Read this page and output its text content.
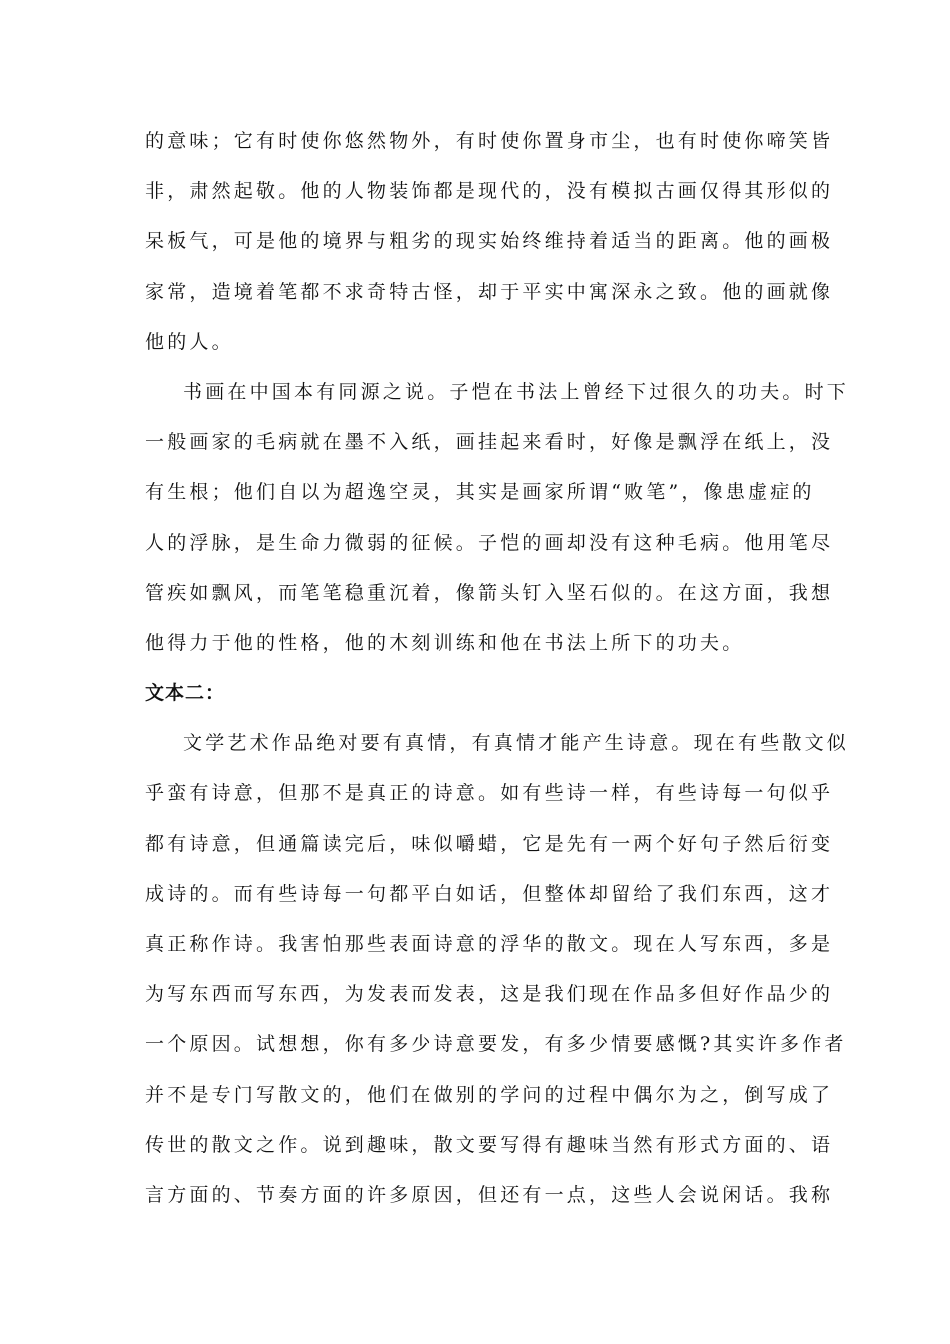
的意味；它有时使你悠然物外，有时使你置身市尘，也有时使你啼笑皆
非，肃然起敬。他的人物装饰都是现代的，没有模拟古画仅得其形似的
呆板气，可是他的境界与粗劣的现实始终维持着适当的距离。他的画极
家常，造境着笔都不求奇特古怪，却于平实中寓深永之致。他的画就像
他的人。
书画在中国本有同源之说。子恺在书法上曾经下过很久的功夫。时下
一般画家的毛病就在墨不入纸，画挂起来看时，好像是飘浮在纸上，没
有生根；他们自以为超逸空灵，其实是画家所谓“败笔”，像患虚症的
人的浮脉，是生命力微弱的征候。子恺的画却没有这种毛病。他用笔尽
管疾如飘风，而笔笔稳重沉着，像箭头钉入坚石似的。在这方面，我想
他得力于他的性格，他的木刻训练和他在书法上所下的功夫。
文本二：
文学艺术作品绝对要有真情，有真情才能产生诗意。现在有些散文似
乎蛮有诗意，但那不是真正的诗意。如有些诗一样，有些诗每一句似乎
都有诗意，但通篇读完后，味似嚼蜡，它是先有一两个好句子然后衍变
成诗的。而有些诗每一句都平白如话，但整体却留给了我们东西，这才
真正称作诗。我害怕那些表面诗意的浮华的散文。现在人写东西，多是
为写东西而写东西，为发表而发表，这是我们现在作品多但好作品少的
一个原因。试想想，你有多少诗意要发，有多少情要感慨?其实许多作者
并不是专门写散文的，他们在做别的学问的过程中偶尔为之，倒写成了
传世的散文之作。说到趣味，散文要写得有趣味当然有形式方面的、语
言方面的、节奏方面的许多原因，但还有一点，这些人会说闲话。我称
